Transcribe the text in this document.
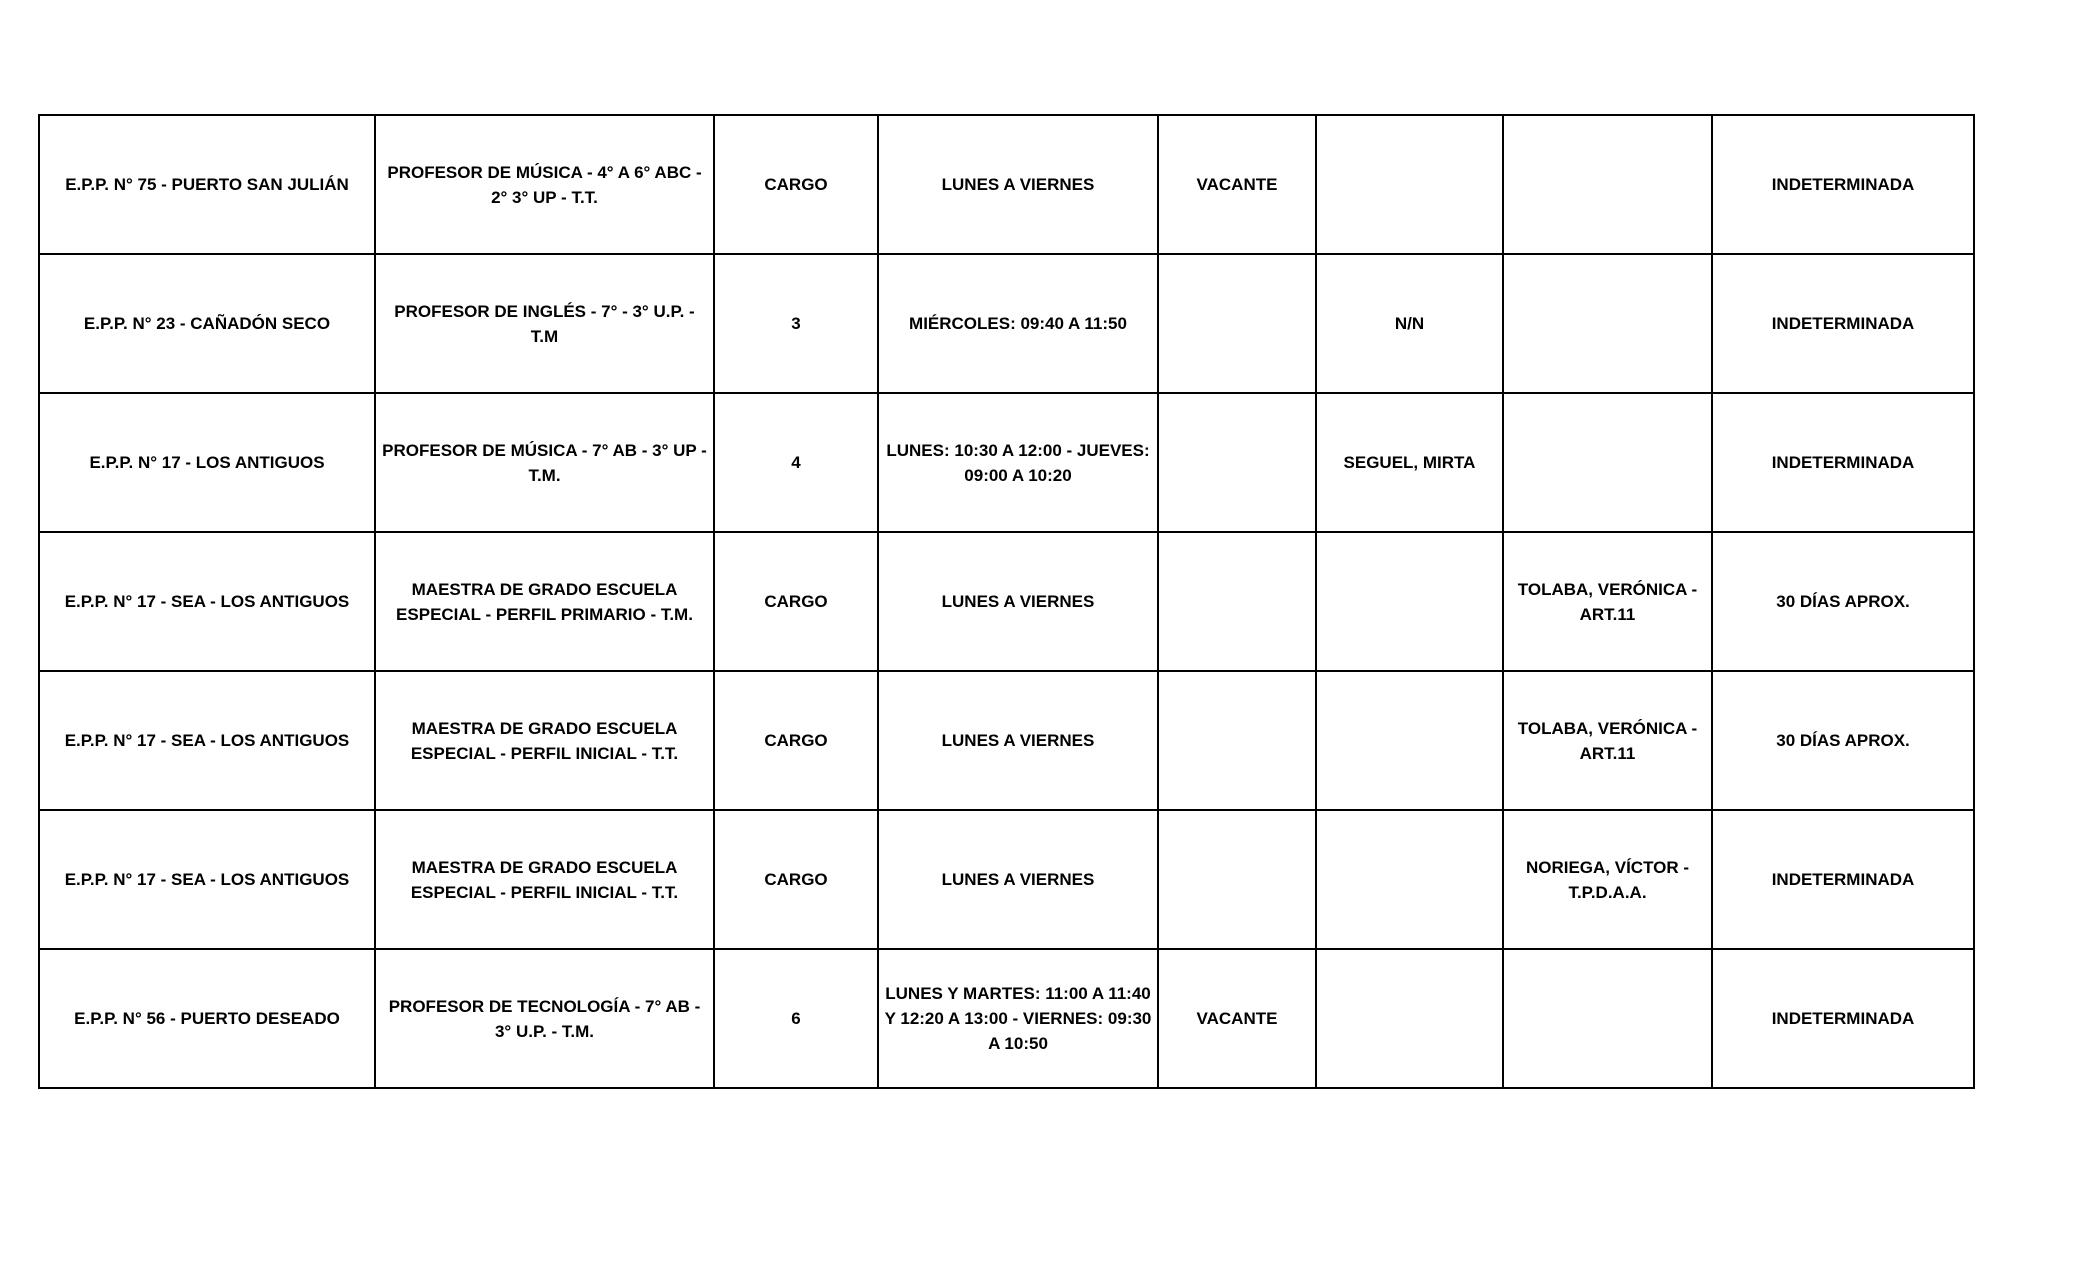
E.P.P. N° 75 - PUERTO SAN JULIÁN	PROFESOR DE MÚSICA - 4° A 6° ABC - 2° 3° UP - T.T.	CARGO	LUNES A VIERNES	VACANTE			INDETERMINADA
E.P.P. N° 23 - CAÑADÓN SECO	PROFESOR DE INGLÉS - 7° - 3° U.P. - T.M	3	MIÉRCOLES: 09:40 A 11:50		N/N		INDETERMINADA
E.P.P. N° 17 - LOS ANTIGUOS	PROFESOR DE MÚSICA - 7° AB - 3° UP - T.M.	4	LUNES: 10:30 A 12:00 - JUEVES: 09:00 A 10:20		SEGUEL, MIRTA		INDETERMINADA
E.P.P. N° 17 - SEA - LOS ANTIGUOS	MAESTRA DE GRADO ESCUELA ESPECIAL - PERFIL PRIMARIO - T.M.	CARGO	LUNES A VIERNES			TOLABA, VERÓNICA - ART.11	30 DÍAS APROX.
E.P.P. N° 17 - SEA - LOS ANTIGUOS	MAESTRA DE GRADO ESCUELA ESPECIAL - PERFIL INICIAL - T.T.	CARGO	LUNES A VIERNES			TOLABA, VERÓNICA - ART.11	30 DÍAS APROX.
E.P.P. N° 17 - SEA - LOS ANTIGUOS	MAESTRA DE GRADO ESCUELA ESPECIAL - PERFIL INICIAL - T.T.	CARGO	LUNES A VIERNES			NORIEGA, VÍCTOR - T.P.D.A.A.	INDETERMINADA
E.P.P. N° 56 - PUERTO DESEADO	PROFESOR DE TECNOLOGÍA - 7° AB - 3° U.P. - T.M.	6	LUNES Y MARTES: 11:00 A 11:40 Y 12:20 A 13:00 - VIERNES: 09:30 A 10:50	VACANTE			INDETERMINADA
